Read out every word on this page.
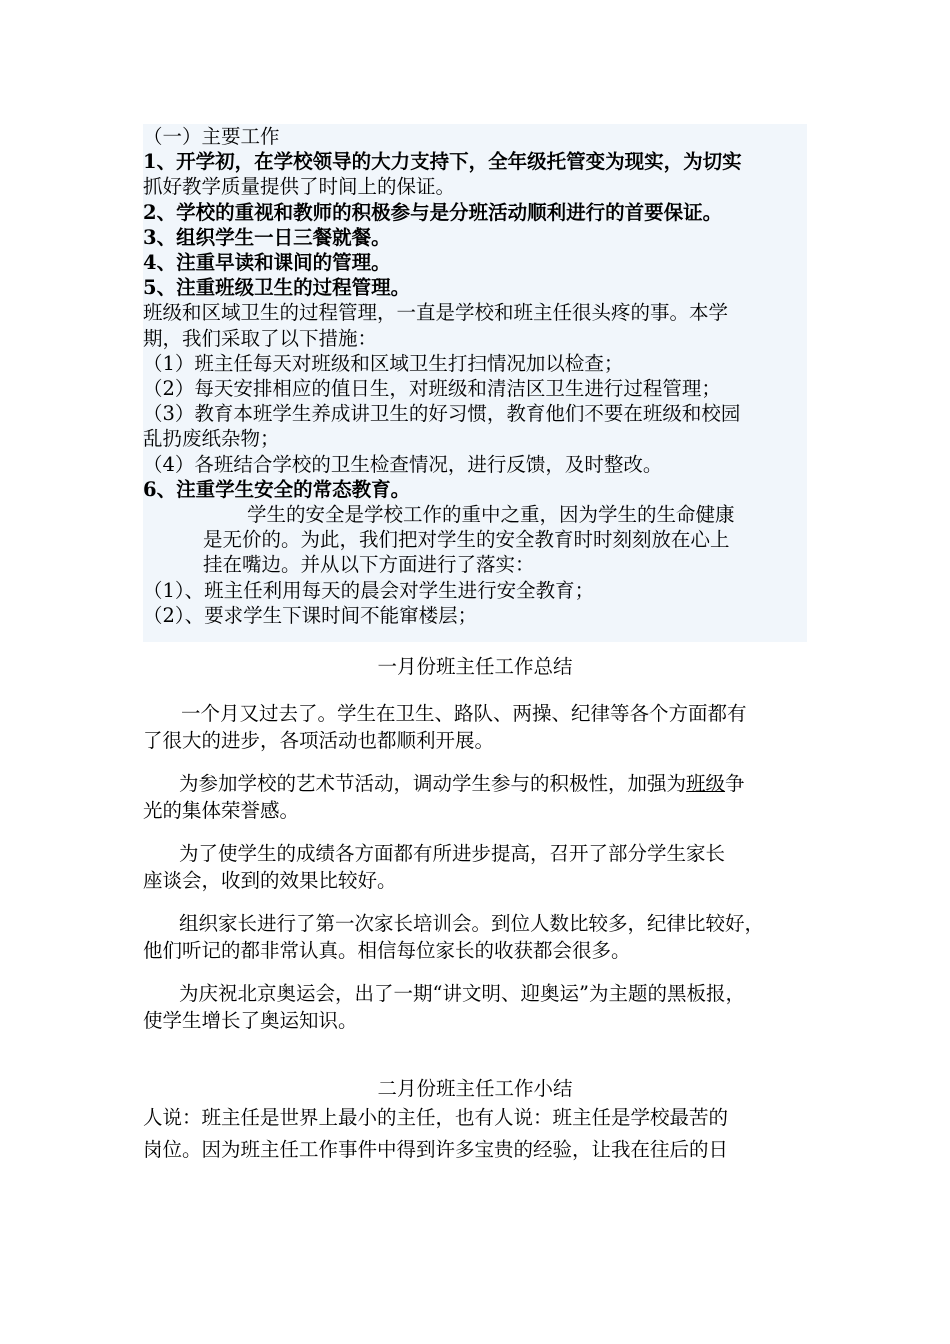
（一）主要工作
1、开学初，在学校领导的大力支持下，全年级托管变为现实，为切实
抓好教学质量提供了时间上的保证。
2、学校的重视和教师的积极参与是分班活动顺利进行的首要保证。
3、组织学生一日三餐就餐。
4、注重早读和课间的管理。
5、注重班级卫生的过程管理。
班级和区域卫生的过程管理，一直是学校和班主任很头疼的事。本学
期，我们采取了以下措施：
（1）班主任每天对班级和区域卫生打扫情况加以检查；
（2）每天安排相应的值日生，对班级和清洁区卫生进行过程管理；
（3）教育本班学生养成讲卫生的好习惯，教育他们不要在班级和校园
乱扔废纸杂物；
（4）各班结合学校的卫生检查情况，进行反馈，及时整改。
6、注重学生安全的常态教育。
学生的安全是学校工作的重中之重，因为学生的生命健康
是无价的。为此，我们把对学生的安全教育时时刻刻放在心上
挂在嘴边。并从以下方面进行了落实：
（1）、班主任利用每天的晨会对学生进行安全教育；
（2）、要求学生下课时间不能窜楼层；
一月份班主任工作总结
一个月又过去了。学生在卫生、路队、两操、纪律等各个方面都有
了很大的进步，各项活动也都顺利开展。
为参加学校的艺术节活动，调动学生参与的积极性，加强为班级争
光的集体荣誉感。
为了使学生的成绩各方面都有所进步提高，召开了部分学生家长
座谈会，收到的效果比较好。
组织家长进行了第一次家长培训会。到位人数比较多，纪律比较好，
他们听记的都非常认真。相信每位家长的收获都会很多。
为庆祝北京奥运会，出了一期“讲文明、迎奥运”为主题的黑板报，
使学生增长了奥运知识。
二月份班主任工作小结
人说：班主任是世界上最小的主任，也有人说：班主任是学校最苦的
岗位。因为班主任工作事件中得到许多宝贵的经验，让我在往后的日
